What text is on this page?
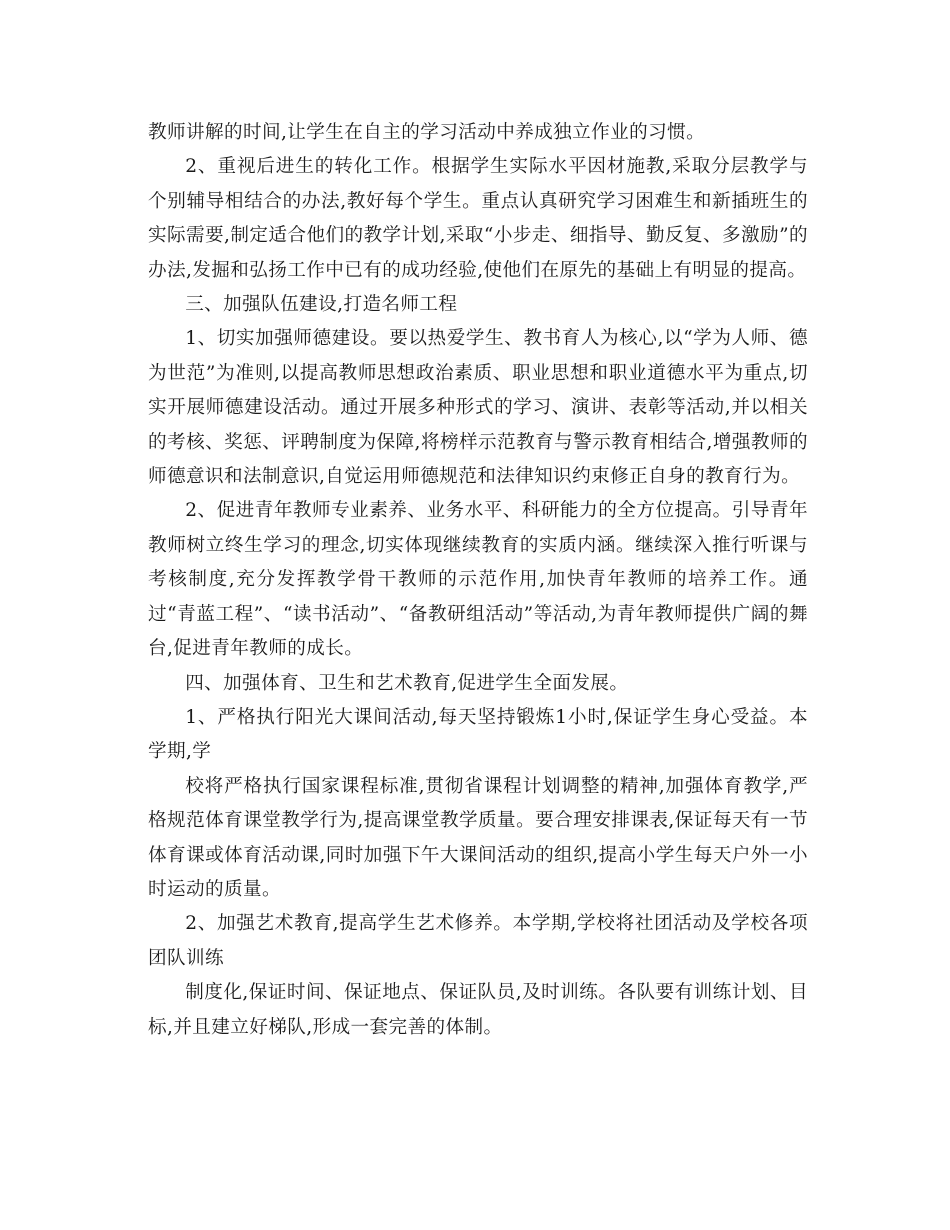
教师讲解的时间,让学生在自主的学习活动中养成独立作业的习惯。

2、重视后进生的转化工作。根据学生实际水平因材施教,采取分层教学与个别辅导相结合的办法,教好每个学生。重点认真研究学习困难生和新插班生的实际需要,制定适合他们的教学计划,采取“小步走、细指导、勤反复、多激励”的办法,发掘和弘扬工作中已有的成功经验,使他们在原先的基础上有明显的提高。

三、加强队伍建设,打造名师工程

1、切实加强师德建设。要以热爱学生、教书育人为核心,以“学为人师、德为世范”为准则,以提高教师思想政治素质、职业思想和职业道德水平为重点,切实开展师德建设活动。通过开展多种形式的学习、演讲、表彰等活动,并以相关的考核、奖惩、评聘制度为保障,将榜样示范教育与警示教育相结合,增强教师的师德意识和法制意识,自觉运用师德规范和法律知识约束修正自身的教育行为。

2、促进青年教师专业素养、业务水平、科研能力的全方位提高。引导青年教师树立终生学习的理念,切实体现继续教育的实质内涵。继续深入推行听课与考核制度,充分发挥教学骨干教师的示范作用,加快青年教师的培养工作。通过“青蓝工程”、“读书活动”、“备教研组活动”等活动,为青年教师提供广阔的舞台,促进青年教师的成长。

四、加强体育、卫生和艺术教育,促进学生全面发展。

1、严格执行阳光大课间活动,每天坚持锻炼1小时,保证学生身心受益。本学期,学

校将严格执行国家课程标准,贯彻省课程计划调整的精神,加强体育教学,严格规范体育课堂教学行为,提高课堂教学质量。要合理安排课表,保证每天有一节体育课或体育活动课,同时加强下午大课间活动的组织,提高小学生每天户外一小时运动的质量。

2、加强艺术教育,提高学生艺术修养。本学期,学校将社团活动及学校各项团队训练

制度化,保证时间、保证地点、保证队员,及时训练。各队要有训练计划、目标,并且建立好梯队,形成一套完善的体制。
